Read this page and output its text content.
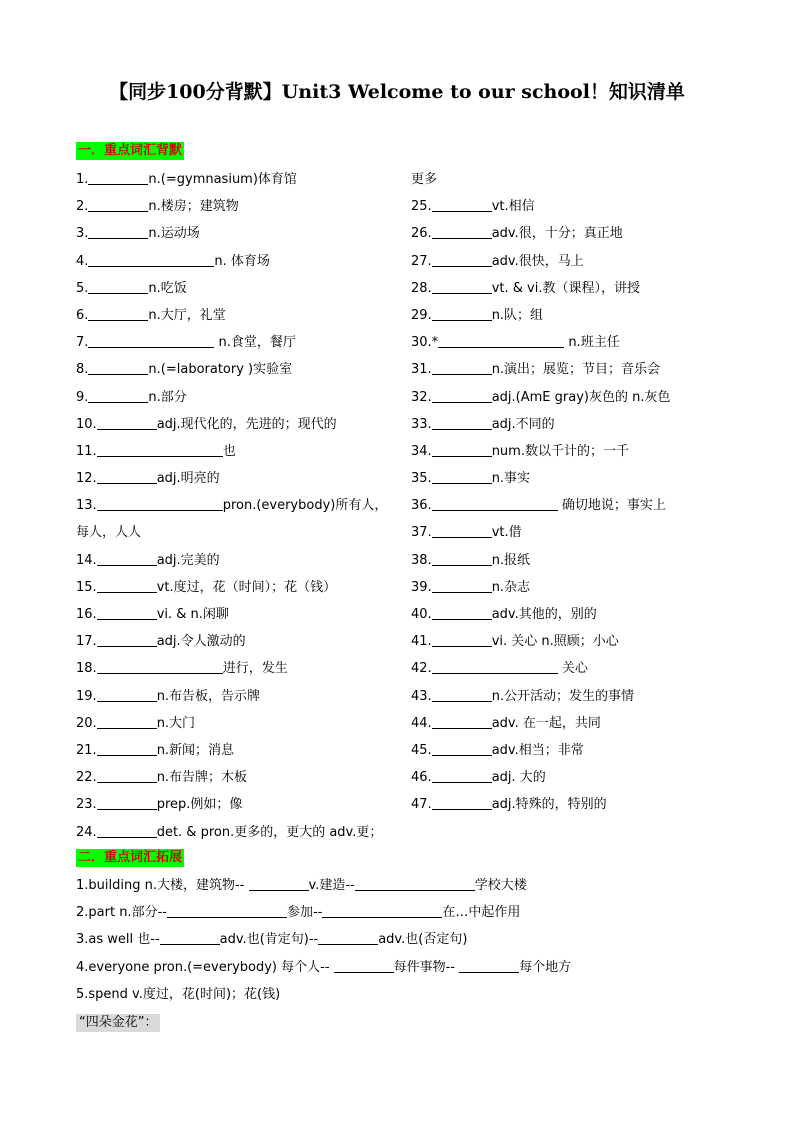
【同步100分背默】Unit3 Welcome to our school！知识清单
一．重点词汇背默
1.	n.(=gymnasium)体育馆
2.	n.楼房；建筑物
3.	n.运动场
4.	n. 体育场
5.	n.吃饭
6.	n.大厅，礼堂
7.	n.食堂，餐厅
8.	n.(=laboratory )实验室
9.	n.部分
10.	adj.现代化的，先进的；现代的
11.	也
12.	adj.明亮的
13.	pron.(everybody)所有人，
每人，人人
14.	adj.完美的
15.	vt.度过，花（时间）；花（钱）
16.	vi. & n.闲聊
17.	adj.令人激动的
18.	进行，发生
19.	n.布告板，告示牌
20.	n.大门
21.	n.新闻；消息
22.	n.布告牌；木板
23.	prep.例如；像
24.	det. & pron.更多的，更大的 adv.更；
更多
25.	vt.相信
26.	adv.很，十分；真正地
27.	adv.很快，马上
28.	vt. & vi.教（课程），讲授
29.	n.队；组
30.*	n.班主任
31.	n.演出；展览；节目；音乐会
32.	adj.(AmE gray)灰色的 n.灰色
33.	adj.不同的
34.	num.数以千计的；一千
35.	n.事实
36.	确切地说；事实上
37.	vt.借
38.	n.报纸
39.	n.杂志
40.	adv.其他的，别的
41.	vi. 关心 n.照顾；小心
42.	关心
43.	n.公开活动；发生的事情
44.	adv. 在一起，共同
45.	adv.相当；非常
46.	adj. 大的
47.	adj.特殊的，特别的
二．重点词汇拓展
1.building n.大楼，建筑物--	v.建造--	学校大楼
2.part n.部分--	参加--	在…中起作用
3.as well 也--	adv.也(肯定句)--	adv.也(否定句)
4.everyone pron.(=everybody) 每个人--	每件事物--	每个地方
5.spend v.度过，花(时间)；花(钱)
“四朵金花”：
